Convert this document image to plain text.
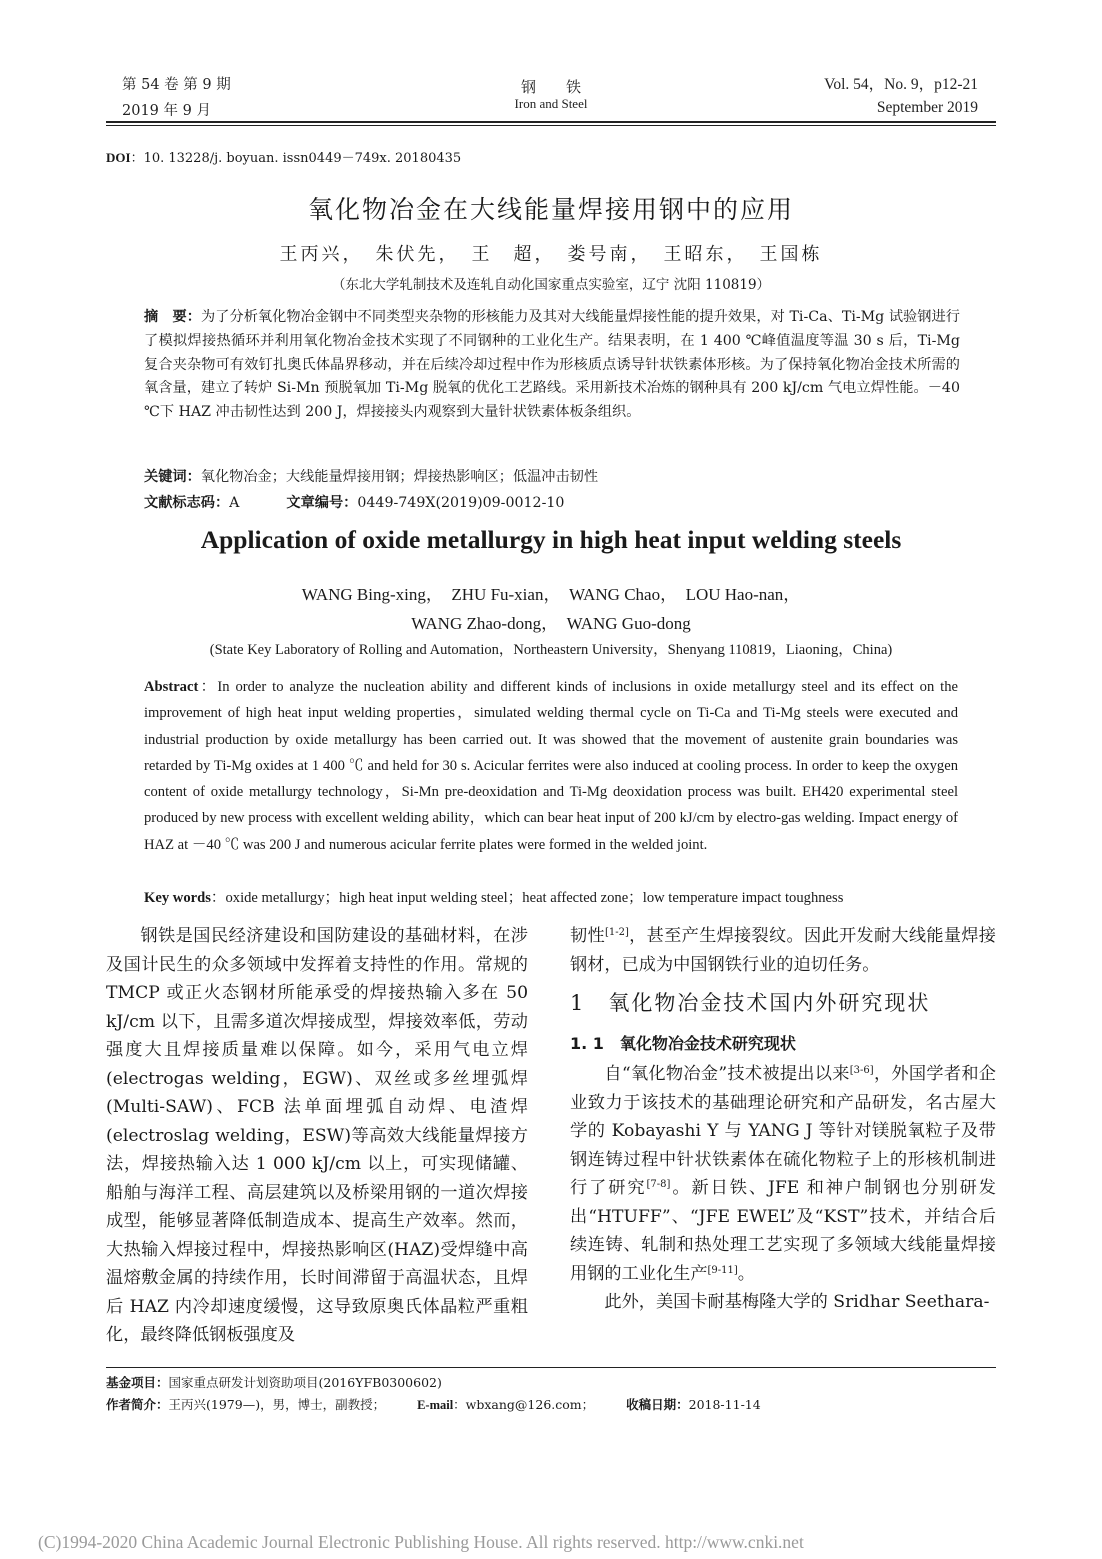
第 54 卷 第 9 期
2019 年 9 月
钢　　铁
Iron and Steel
Vol. 54，No. 9，p12-21
September 2019
DOI：10. 13228/j. boyuan. issn0449－749x. 20180435
氧化物冶金在大线能量焊接用钢中的应用
王丙兴，　朱伏先，　王　超，　娄号南，　王昭东，　王国栋
（东北大学轧制技术及连轧自动化国家重点实验室，辽宁 沈阳 110819）
摘　要：为了分析氧化物冶金钢中不同类型夹杂物的形核能力及其对大线能量焊接性能的提升效果，对 Ti-Ca、Ti-Mg 试验钢进行了模拟焊接热循环并利用氧化物冶金技术实现了不同钢种的工业化生产。结果表明，在 1 400 ℃峰值温度等温 30 s 后，Ti-Mg 复合夹杂物可有效钉扎奥氏体晶界移动，并在后续冷却过程中作为形核质点诱导针状铁素体形核。为了保持氧化物冶金技术所需的氧含量，建立了转炉 Si-Mn 预脱氧加 Ti-Mg 脱氧的优化工艺路线。采用新技术冶炼的钢种具有 200 kJ/cm 气电立焊性能。－40 ℃下 HAZ 冲击韧性达到 200 J，焊接接头内观察到大量针状铁素体板条组织。
关键词：氧化物冶金；大线能量焊接用钢；焊接热影响区；低温冲击韧性
文献标志码：A	文章编号：0449-749X(2019)09-0012-10
Application of oxide metallurgy in high heat input welding steels
WANG Bing-xing，　ZHU Fu-xian，　WANG Chao，　LOU Hao-nan，
WANG Zhao-dong，　WANG Guo-dong
(State Key Laboratory of Rolling and Automation，Northeastern University，Shenyang 110819，Liaoning，China)
Abstract：In order to analyze the nucleation ability and different kinds of inclusions in oxide metallurgy steel and its effect on the improvement of high heat input welding properties，simulated welding thermal cycle on Ti-Ca and Ti-Mg steels were executed and industrial production by oxide metallurgy has been carried out. It was showed that the movement of austenite grain boundaries was retarded by Ti-Mg oxides at 1 400 ℃ and held for 30 s. Acicular ferrites were also induced at cooling process. In order to keep the oxygen content of oxide metallurgy technology，Si-Mn pre-deoxidation and Ti-Mg deoxidation process was built. EH420 experimental steel produced by new process with excellent welding ability，which can bear heat input of 200 kJ/cm by electro-gas welding. Impact energy of HAZ at －40 ℃ was 200 J and numerous acicular ferrite plates were formed in the welded joint.
Key words：oxide metallurgy；high heat input welding steel；heat affected zone；low temperature impact toughness

钢铁是国民经济建设和国防建设的基础材料，在涉及国计民生的众多领域中发挥着支持性的作用。常规的 TMCP 或正火态钢材所能承受的焊接热输入多在 50 kJ/cm 以下，且需多道次焊接成型，焊接效率低，劳动强度大且焊接质量难以保障。如今，采用气电立焊(electrogas welding，EGW)、双丝或多丝埋弧焊(Multi-SAW)、FCB 法单面埋弧自动焊、电渣焊(electroslag welding，ESW)等高效大线能量焊接方法，焊接热输入达 1 000 kJ/cm 以上，可实现储罐、船舶与海洋工程、高层建筑以及桥梁用钢的一道次焊接成型，能够显著降低制造成本、提高生产效率。然而，大热输入焊接过程中，焊接热影响区(HAZ)受焊缝中高温熔敷金属的持续作用，长时间滞留于高温状态，且焊后 HAZ 内冷却速度缓慢，这导致原奥氏体晶粒严重粗化，最终降低钢板强度及

韧性[1-2]，甚至产生焊接裂纹。因此开发耐大线能量焊接钢材，已成为中国钢铁行业的迫切任务。

1　氧化物冶金技术国内外研究现状
1. 1　氧化物冶金技术研究现状

自“氧化物冶金”技术被提出以来[3-6]，外国学者和企业致力于该技术的基础理论研究和产品研发，名古屋大学的 Kobayashi Y 与 YANG J 等针对镁脱氧粒子及带钢连铸过程中针状铁素体在硫化物粒子上的形核机制进行了研究[7-8]。新日铁、JFE 和神户制钢也分别研发出“HTUFF”、“JFE EWEL”及“KST”技术，并结合后续连铸、轧制和热处理工艺实现了多领域大线能量焊接用钢的工业化生产[9-11]。

此外，美国卡耐基梅隆大学的 Sridhar Seethara-

基金项目：国家重点研发计划资助项目(2016YFB0300602)
作者简介：王丙兴(1979—)，男，博士，副教授；	E-mail：wbxang@126.com；	收稿日期：2018-11-14
(C)1994-2020 China Academic Journal Electronic Publishing House. All rights reserved. http://www.cnki.net
